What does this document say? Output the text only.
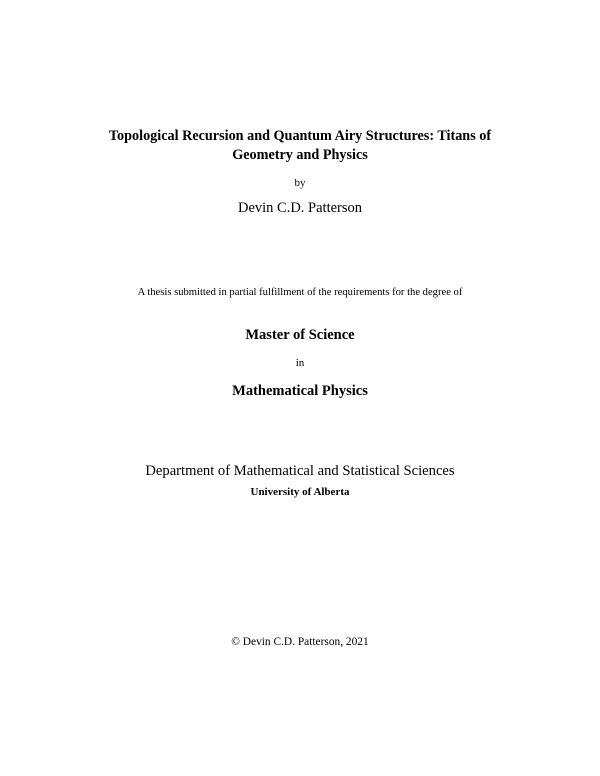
Topological Recursion and Quantum Airy Structures: Titans of
Geometry and Physics
by
Devin C.D. Patterson
A thesis submitted in partial fulfillment of the requirements for the degree of
Master of Science
in
Mathematical Physics
Department of Mathematical and Statistical Sciences
University of Alberta
© Devin C.D. Patterson, 2021
